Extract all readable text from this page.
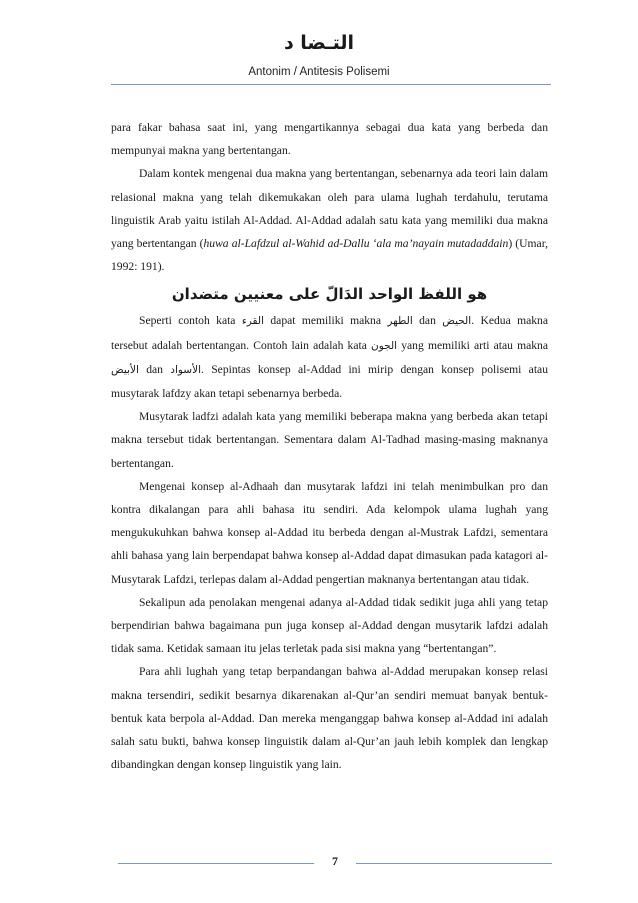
التـضا د
Antonim / Antitesis Polisemi

para fakar bahasa saat ini, yang mengartikannya sebagai dua kata yang berbeda dan mempunyai makna yang bertentangan.

Dalam kontek mengenai dua makna yang bertentangan, sebenarnya ada teori lain dalam relasional makna yang telah dikemukakan oleh para ulama lughah terdahulu, terutama linguistik Arab yaitu istilah Al-Addad. Al-Addad adalah satu kata yang memiliki dua makna yang bertentangan (huwa al-Lafdzul al-Wahid ad-Dallu ‘ala ma’nayain mutadaddain) (Umar, 1992: 191).

هو اللفظ الواحد الدَالّ على معنيين متضدان

Seperti contoh kata القرء dapat memiliki makna الطهر dan الحيض. Kedua makna tersebut adalah bertentangan. Contoh lain adalah kata الجون yang memiliki arti atau makna الأبيض dan الأسواد. Sepintas konsep al-Addad ini mirip dengan konsep polisemi atau musytarak lafdzy akan tetapi sebenarnya berbeda.

Musytarak ladfzi adalah kata yang memiliki beberapa makna yang berbeda akan tetapi makna tersebut tidak bertentangan. Sementara dalam Al-Tadhad masing-masing maknanya bertentangan.

Mengenai konsep al-Adhaah dan musytarak lafdzi ini telah menimbulkan pro dan kontra dikalangan para ahli bahasa itu sendiri. Ada kelompok ulama lughah yang mengukukuhkan bahwa konsep al-Addad itu berbeda dengan al-Mustrak Lafdzi, sementara ahli bahasa yang lain berpendapat bahwa konsep al-Addad dapat dimasukan pada katagori al-Musytarak Lafdzi, terlepas dalam al-Addad pengertian maknanya bertentangan atau tidak.

Sekalipun ada penolakan mengenai adanya al-Addad tidak sedikit juga ahli yang tetap berpendirian bahwa bagaimana pun juga konsep al-Addad dengan musytarik lafdzi adalah tidak sama. Ketidak samaan itu jelas terletak pada sisi makna yang “bertentangan”.

Para ahli lughah yang tetap berpandangan bahwa al-Addad merupakan konsep relasi makna tersendiri, sedikit besarnya dikarenakan al-Qur’an sendiri memuat banyak bentuk-bentuk kata berpola al-Addad. Dan mereka menganggap bahwa konsep al-Addad ini adalah salah satu bukti, bahwa konsep linguistik dalam al-Qur’an jauh lebih komplek dan lengkap dibandingkan dengan konsep linguistik yang lain.

7
